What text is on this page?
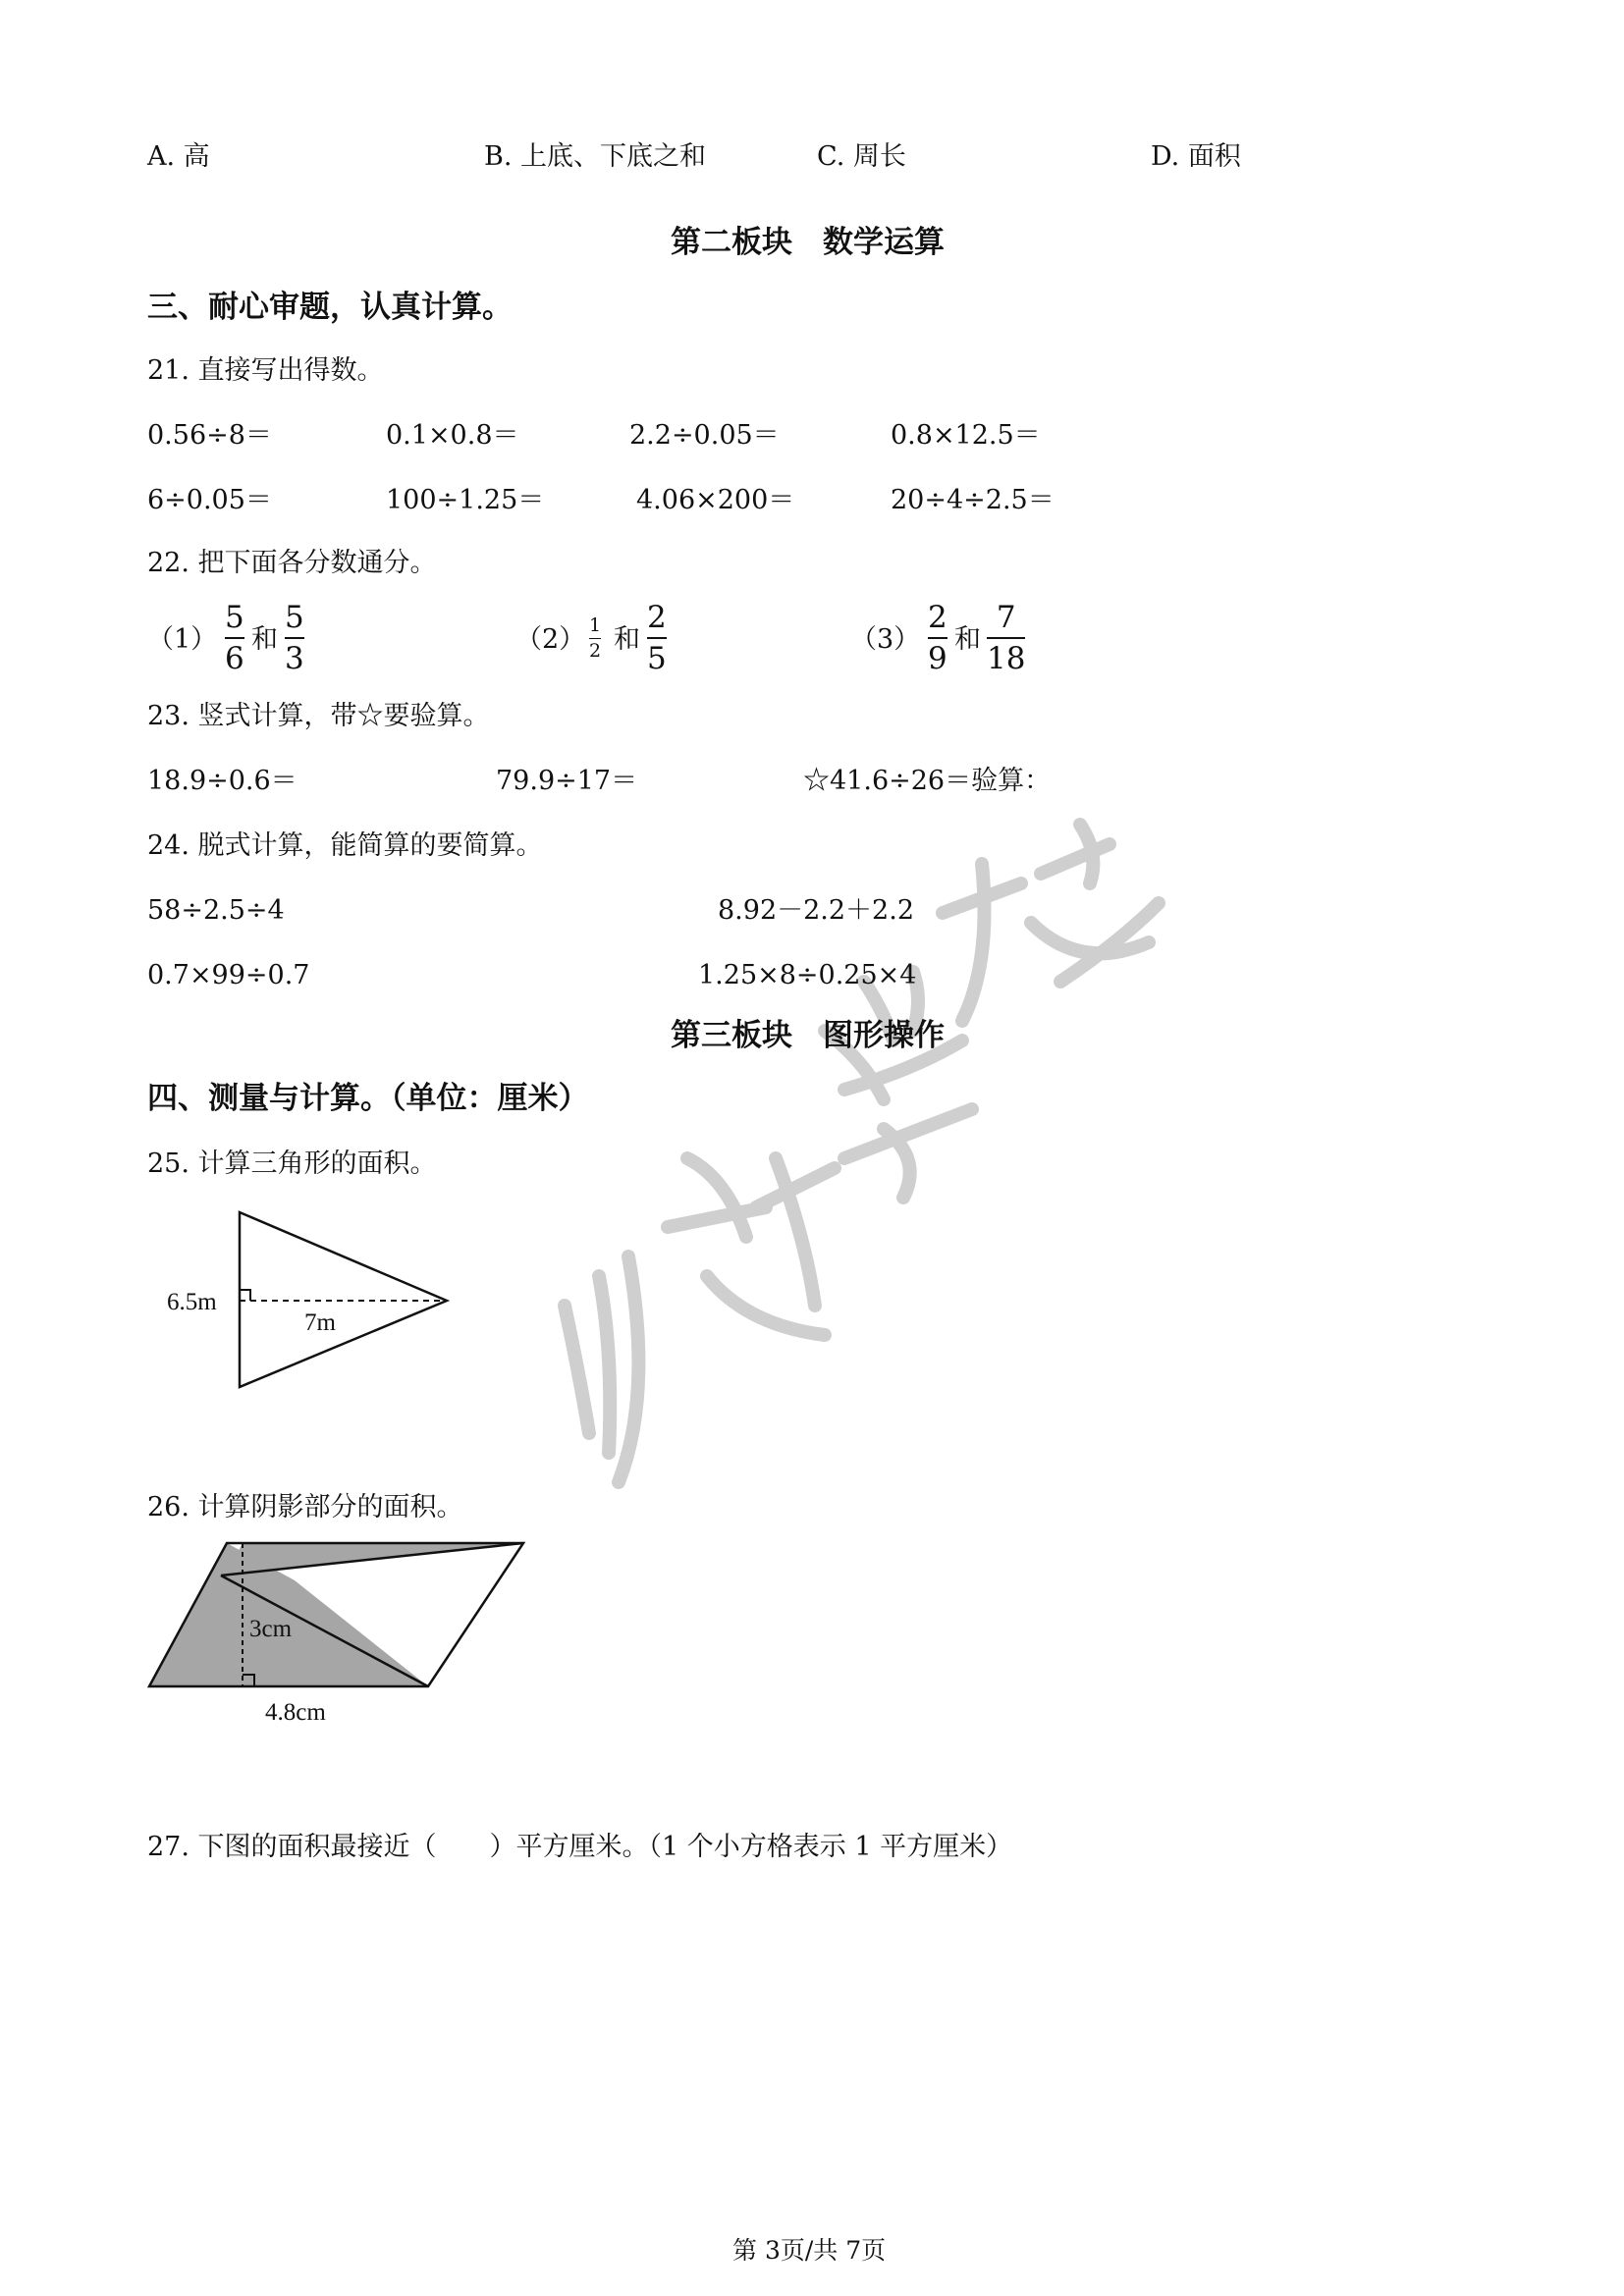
A. 高	B. 上底、下底之和	C. 周长	D. 面积
第二板块　数学运算
三、耐心审题，认真计算。
21. 直接写出得数。
0.56÷8＝	0.1×0.8＝	2.2÷0.05＝	0.8×12.5＝
6÷0.05＝	100÷1.25＝	4.06×200＝	20÷4÷2.5＝
22. 把下面各分数通分。
（1）
5
6
和
5
3
（2） 1
2 和
2
5
（3）
2
9
和
7
18
23. 竖式计算，带☆要验算。
18.9÷0.6＝	79.9÷17＝	☆41.6÷26＝验算：
24. 脱式计算，能简算的要简算。
58÷2.5÷4	8.92－2.2＋2.2
0.7×99÷0.7	1.25×8÷0.25×4
第三板块　图形操作
四、测量与计算。（单位：厘米）
25. 计算三角形的面积。
6.5m
7m
26. 计算阴影部分的面积。
3cm
4.8cm
27. 下图的面积最接近（　　）平方厘米。（1 个小方格表示 1 平方厘米）
第 3页/共 7页
